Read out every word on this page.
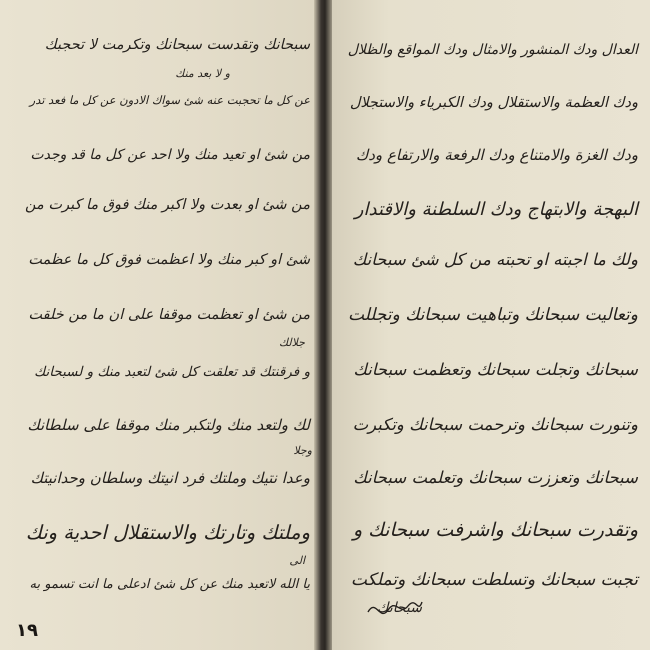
سبحانك وتقدست سبحانك وتكرمت لا تحجبك
عن كل ما تحجبت عنه شئ سواك الادون عن كل ما فعد تدر
من شئ او تعيد منك ولا احد عن كل ما قد وجدت
من شئ او بعدت ولا اكبر منك فوق ما كبرت من
شئ او كبر منك ولا اعظمت فوق كل ما عظمت
من شئ او تعظمت موقفا على ان ما من خلقت
و فرقنتك قد تعلقت كل شئ لتعبد منك و لسبحانك
لك ولتعد منك ولتكبر منك موقفا على سلطانك
وعدا نتيك وملتك فرد انيتك وسلطان وحدانيتك
وملتك وتارتك والاستقلال احدية ونك
يا الله لاتعبد منك عن كل شئ ادعلى ما انت تسمو به
و لا بعد منك
جلالك
وجلا
الى
العدال ودك المنشور والامثال ودك المواقع والظلال
ودك العظمة والاستقلال ودك الكبرياء والاستجلال
ودك الغزة والامتناع ودك الرفعة والارتفاع ودك
البهجة والابتهاج ودك السلطنة والاقتدار
ولك ما اجبته او تحبته من كل شئ سبحانك
وتعاليت سبحانك وتباهيت سبحانك وتجللت
سبحانك وتجلت سبحانك وتعظمت سبحانك
وتنورت سبحانك وترحمت سبحانك وتكبرت
سبحانك وتعززت سبحانك وتعلمت سبحانك
وتقدرت سبحانك واشرفت سبحانك و
تجبت سبحانك وتسلطت سبحانك وتملكت
سبحانك
١٩
